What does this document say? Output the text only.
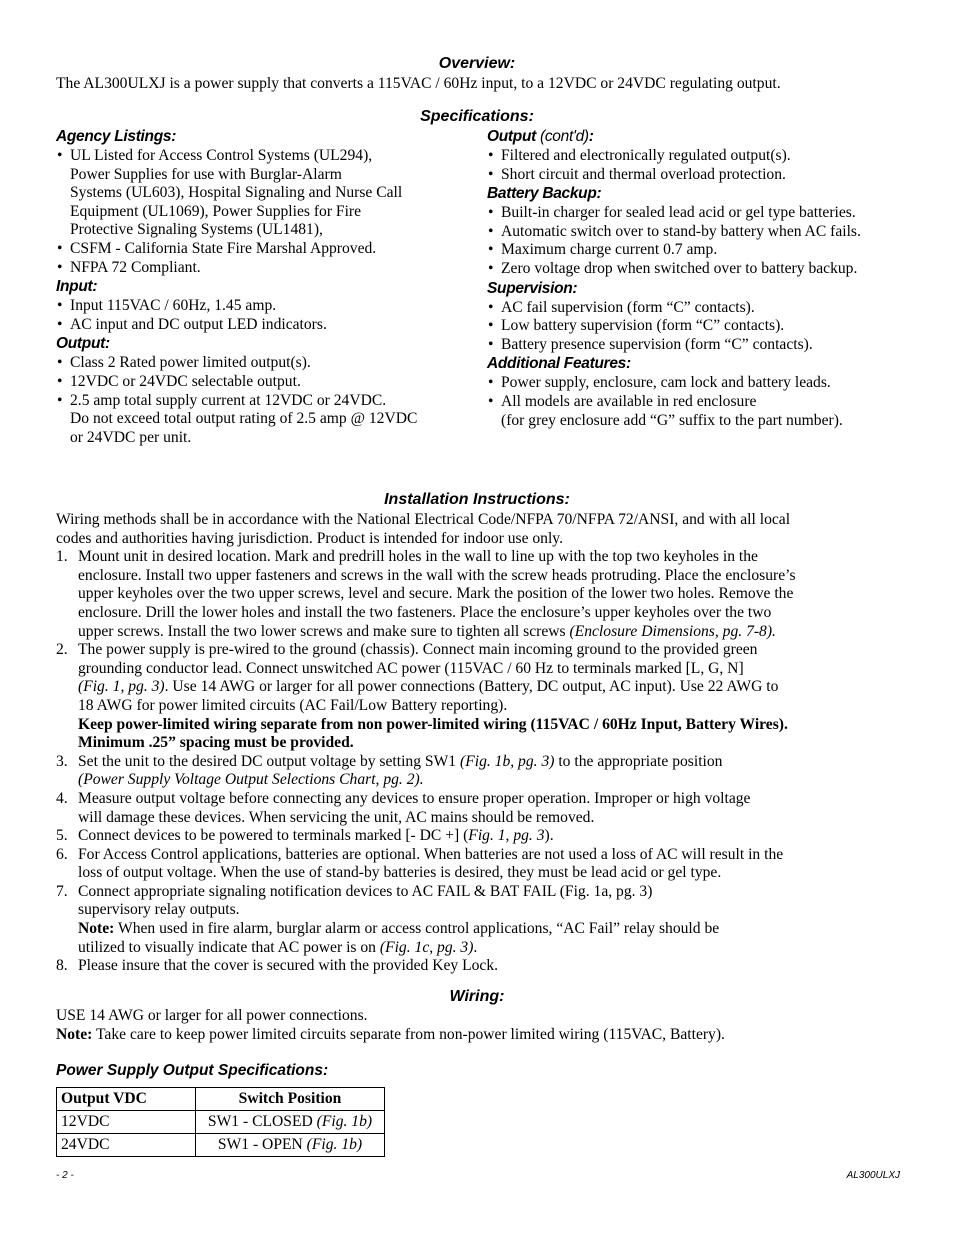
Overview:
The AL300ULXJ is a power supply that converts a 115VAC / 60Hz input, to a 12VDC or 24VDC regulating output.
Specifications:
Agency Listings:
• UL Listed for Access Control Systems (UL294),
Power Supplies for use with Burglar-Alarm
Systems (UL603), Hospital Signaling and Nurse Call
Equipment (UL1069), Power Supplies for Fire
Protective Signaling Systems (UL1481),
• CSFM - California State Fire Marshal Approved.
• NFPA 72 Compliant.
Input:
• Input 115VAC / 60Hz, 1.45 amp.
• AC input and DC output LED indicators.
Output:
• Class 2 Rated power limited output(s).
• 12VDC or 24VDC selectable output.
• 2.5 amp total supply current at 12VDC or 24VDC.
Do not exceed total output rating of 2.5 amp @ 12VDC
or 24VDC per unit.
Output (cont'd):
• Filtered and electronically regulated output(s).
• Short circuit and thermal overload protection.
Battery Backup:
• Built-in charger for sealed lead acid or gel type batteries.
• Automatic switch over to stand-by battery when AC fails.
• Maximum charge current 0.7 amp.
• Zero voltage drop when switched over to battery backup.
Supervision:
• AC fail supervision (form “C” contacts).
• Low battery supervision (form “C” contacts).
• Battery presence supervision (form “C” contacts).
Additional Features:
• Power supply, enclosure, cam lock and battery leads.
• All models are available in red enclosure
(for grey enclosure add “G” suffix to the part number).
Installation Instructions:
Wiring methods shall be in accordance with the National Electrical Code/NFPA 70/NFPA 72/ANSI, and with all local
codes and authorities having jurisdiction. Product is intended for indoor use only.
1. Mount unit in desired location. Mark and predrill holes in the wall to line up with the top two keyholes in the
enclosure. Install two upper fasteners and screws in the wall with the screw heads protruding. Place the enclosure’s
upper keyholes over the two upper screws, level and secure. Mark the position of the lower two holes. Remove the
enclosure. Drill the lower holes and install the two fasteners. Place the enclosure’s upper keyholes over the two
upper screws. Install the two lower screws and make sure to tighten all screws (Enclosure Dimensions, pg. 7-8).
2. The power supply is pre-wired to the ground (chassis). Connect main incoming ground to the provided green
grounding conductor lead. Connect unswitched AC power (115VAC / 60 Hz to terminals marked [L, G, N]
(Fig. 1, pg. 3). Use 14 AWG or larger for all power connections (Battery, DC output, AC input). Use 22 AWG to
18 AWG for power limited circuits (AC Fail/Low Battery reporting).
Keep power-limited wiring separate from non power-limited wiring (115VAC / 60Hz Input, Battery Wires).
Minimum .25” spacing must be provided.
3. Set the unit to the desired DC output voltage by setting SW1 (Fig. 1b, pg. 3) to the appropriate position
(Power Supply Voltage Output Selections Chart, pg. 2).
4. Measure output voltage before connecting any devices to ensure proper operation. Improper or high voltage
will damage these devices. When servicing the unit, AC mains should be removed.
5. Connect devices to be powered to terminals marked [- DC +] (Fig. 1, pg. 3).
6. For Access Control applications, batteries are optional. When batteries are not used a loss of AC will result in the
loss of output voltage. When the use of stand-by batteries is desired, they must be lead acid or gel type.
7. Connect appropriate signaling notification devices to AC FAIL & BAT FAIL (Fig. 1a, pg. 3)
supervisory relay outputs.
Note: When used in fire alarm, burglar alarm or access control applications, “AC Fail” relay should be
utilized to visually indicate that AC power is on (Fig. 1c, pg. 3).
8. Please insure that the cover is secured with the provided Key Lock.
Wiring:
USE 14 AWG or larger for all power connections.
Note: Take care to keep power limited circuits separate from non-power limited wiring (115VAC, Battery).
Power Supply Output Specifications:
Output VDC	Switch Position
12VDC	SW1 - CLOSED (Fig. 1b)
24VDC	SW1 - OPEN (Fig. 1b)
- 2 -	AL300ULXJ
